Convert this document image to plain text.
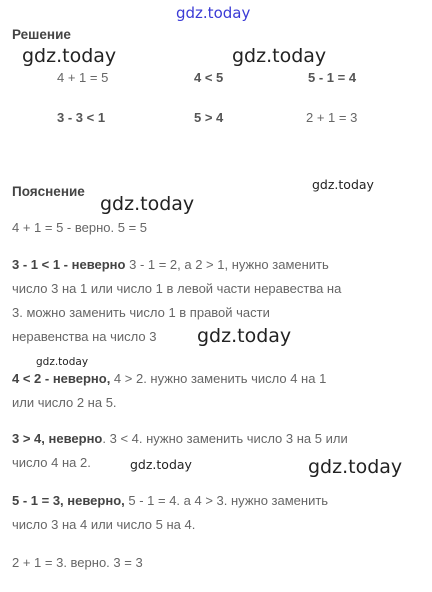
gdz.today
gdz.today	gdz.today
gdz.today
gdz.today
gdz.today
gdz.today
gdz.today	gdz.today
Решение
4 + 1 = 5	4 < 5	5 - 1 = 4
3 - 3 < 1	5 > 4	2 + 1 = 3
Пояснение
4 + 1 = 5 - верно. 5 = 5
3 - 1 < 1 - неверно 3 - 1 = 2, а 2 > 1, нужно заменить
число 3 на 1 или число 1 в левой части неравества на
3. можно заменить число 1 в правой части
неравенства на число 3
4 < 2 - неверно, 4 > 2. нужно заменить число 4 на 1
или число 2 на 5.
3 > 4, неверно. 3 < 4. нужно заменить число 3 на 5 или
число 4 на 2.
5 - 1 = 3, неверно, 5 - 1 = 4. а 4 > 3. нужно заменить
число 3 на 4 или число 5 на 4.
2 + 1 = 3. верно. 3 = 3
